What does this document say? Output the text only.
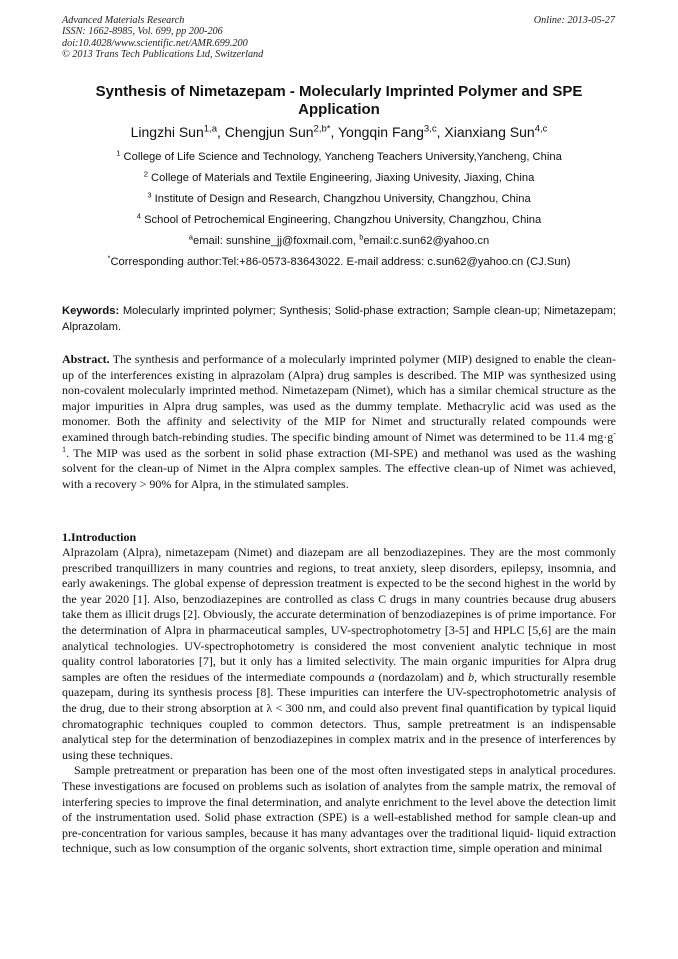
Advanced Materials Research
ISSN: 1662-8985, Vol. 699, pp 200-206
doi:10.4028/www.scientific.net/AMR.699.200
© 2013 Trans Tech Publications Ltd, Switzerland
Online: 2013-05-27
Synthesis of Nimetazepam - Molecularly Imprinted Polymer and SPE Application
Lingzhi Sun$^{1,a}$, Chengjun Sun$^{2,b*}$, Yongqin Fang$^{3,c}$, Xianxiang Sun$^{4,c}$
$^1$ College of Life Science and Technology, Yancheng Teachers University,Yancheng, China
$^2$ College of Materials and Textile Engineering, Jiaxing Univesity, Jiaxing, China
$^3$ Institute of Design and Research, Changzhou University, Changzhou, China
$^4$ School of Petrochemical Engineering, Changzhou University, Changzhou, China
$^a$email: sunshine_jj@foxmail.com, $^b$email:c.sun62@yahoo.cn
*Corresponding author:Tel:+86-0573-83643022. E-mail address: c.sun62@yahoo.cn (CJ.Sun)
Keywords: Molecularly imprinted polymer; Synthesis; Solid-phase extraction; Sample clean-up; Nimetazepam; Alprazolam.
Abstract. The synthesis and performance of a molecularly imprinted polymer (MIP) designed to enable the clean-up of the interferences existing in alprazolam (Alpra) drug samples is described. The MIP was synthesized using non-covalent molecularly imprinted method. Nimetazepam (Nimet), which has a similar chemical structure as the major impurities in Alpra drug samples, was used as the dummy template. Methacrylic acid was used as the monomer. Both the affinity and selectivity of the MIP for Nimet and structurally related compounds were examined through batch-rebinding studies. The specific binding amount of Nimet was determined to be 11.4 $mg\cdot g^{-1}$. The MIP was used as the sorbent in solid phase extraction (MI-SPE) and methanol was used as the washing solvent for the clean-up of Nimet in the Alpra complex samples. The effective clean-up of Nimet was achieved, with a recovery > 90% for Alpra, in the stimulated samples.
1.Introduction

Alprazolam (Alpra), nimetazepam (Nimet) and diazepam are all benzodiazepines. They are the most commonly prescribed tranquillizers in many countries and regions, to treat anxiety, sleep disorders, epilepsy, insomnia, and early awakenings. The global expense of depression treatment is expected to be the second highest in the world by the year 2020 [1]. Also, benzodiazepines are controlled as class C drugs in many countries because drug abusers take them as illicit drugs [2]. Obviously, the accurate determination of benzodiazepines is of prime importance. For the determination of Alpra in pharmaceutical samples, UV-spectrophotometry [3-5] and HPLC [5,6] are the main analytical technologies. UV-spectrophotometry is considered the most convenient analytic technique in most quality control laboratories [7], but it only has a limited selectivity. The main organic impurities for Alpra drug samples are often the residues of the intermediate compounds a (nordazolam) and b, which structurally resemble quazepam, during its synthesis process [8]. These impurities can interfere the UV-spectrophotometric analysis of the drug, due to their strong absorption at λ < 300 nm, and could also prevent final quantification by typical liquid chromatographic techniques coupled to common detectors. Thus, sample pretreatment is an indispensable analytical step for the determination of benzodiazepines in complex matrix and in the presence of interferences by using these techniques.

Sample pretreatment or preparation has been one of the most often investigated steps in analytical procedures. These investigations are focused on problems such as isolation of analytes from the sample matrix, the removal of interfering species to improve the final determination, and analyte enrichment to the level above the detection limit of the instrumentation used. Solid phase extraction (SPE) is a well-established method for sample clean-up and pre-concentration for various samples, because it has many advantages over the traditional liquid- liquid extraction technique, such as low consumption of the organic solvents, short extraction time, simple operation and minimal
